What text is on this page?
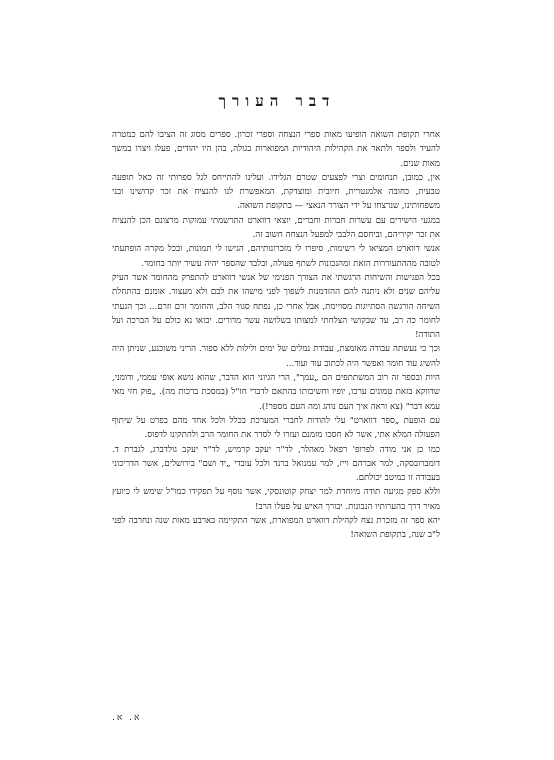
דבר העורך

אחרי תקופת השואה הופיעו מאות ספרי הנצחה וספרי זכרון. ספרים מסוג זה הציבו להם כמטרה להעיד ולספר ולתאר את הקהילות היהודיות המפוארות בגולה, בהן היו יהודים, פעלו ויצרו במשך מאות שנים.

אין, כמובן, תנחומים וצרי לפצעים שטרם הגלידו. ועלינו להתייחס לגל ספרותי זה כאל תופעה טבעית, כחובה אלמנטרית, חיובית ומוצדקת, המאפשרת לנו להנציח את זכר קדושינו ובני משפחותינו, שנרצחו על ידי הצורר הנאצי — בתקופת השואה.

במגעי הישירים עם עשרות חברות וחברים, יוצאי דווארט התרשמתי עמוקות מרצונם הכן להנציח את זכר יקיריהם, וביחסם הלבבי למפעל הנצחה חשוב זה.

אנשי דווארט המציאו לי רשימות, סיפרו לי מזכרונותיהם, הגישו לי תמונות, ובכל מקרה הופתעתי לטובה מההתעוררות הזאת ומהנכונות לשתף פעולה, ובלבד שהספר יהיה עשיר יותר בחומר.

בכל הפגישות והשיחות הרגשתי את הצורך הפנימי של אנשי דווארט להתפרק מהחומר אשר העיק עליהם שנים ולא ניתנה להם ההזדמנות לשפוך לפני מישהו את לבם ולא מעצור. אומנם בהתחלת השיחה הורגשה הסתייגות מסויימת, אבל אחרי כן, נפתח סגור הלב, והחומר זרם וזרם... וכך הגעתי לחומר כה רב, עד שבקושי הצלחתי למצותו בשלושה עשר מדורים. יבואו נא כולם על הברכה ועל התודה!

וכך כי נעשתה עבודה מאומצת, עבודת נמלים של ימים ולילות ללא ספור. הריני משוכנע, שניתן היה להשיג עוד חומר ואפשר היה לכתוב עוד ועוד...

היות ובספר זה רוב המשתתפים הם „עמך", הרי הגיוני הוא הדבר, שהוא נושא אופי עממי, ודומני, שדווקא בזאת טמונים ערכו, יופיו וחשיבותו בהתאם לדברי חז"ל (במסכת ברכות מה). „פוק חזי מאי עמא דבר" (צא וראה איך העם נוהג ומה העם מספר!).

עם הופעת „ספר דווארט" עלי להודות לחברי המערכת בכלל ולכל אחד מהם בפרט על שיתוף הפעולה המלא אתי, אשר לא חסכו מזמנם ועזרו לי לסדר את החומר הרב ולהתקינו לדפוס.

כמו כן אני מודה לפרופ' רפאל מאהלר, לד"ר יעקב קרמיש, לד"ר יעקב גולדברג, לגברת ד. דומברובסקה, למר אברהם וייז, למר עמנואל ברנד ולכל עובדי „יד ושם" בירושלים, אשר הדריכוני בעבודה זו כמיטב יכולתם.

וללא ספק מגיעה תודה מיוחדת למר יצחק קוטונסקי, אשר נוסף על תפקידו כמו"ל שימש לי כיועץ מאיר דרך בהערותיו הנבונות. יבורך האיש על פעלו הרב!

יהא ספר זה מזכרת נצח לקהילת דווארט המפוארת, אשר התקיימה כארבע מאות שנה ונחרבה לפני ל"ב שנה, בתקופת השואה!

א. א.
